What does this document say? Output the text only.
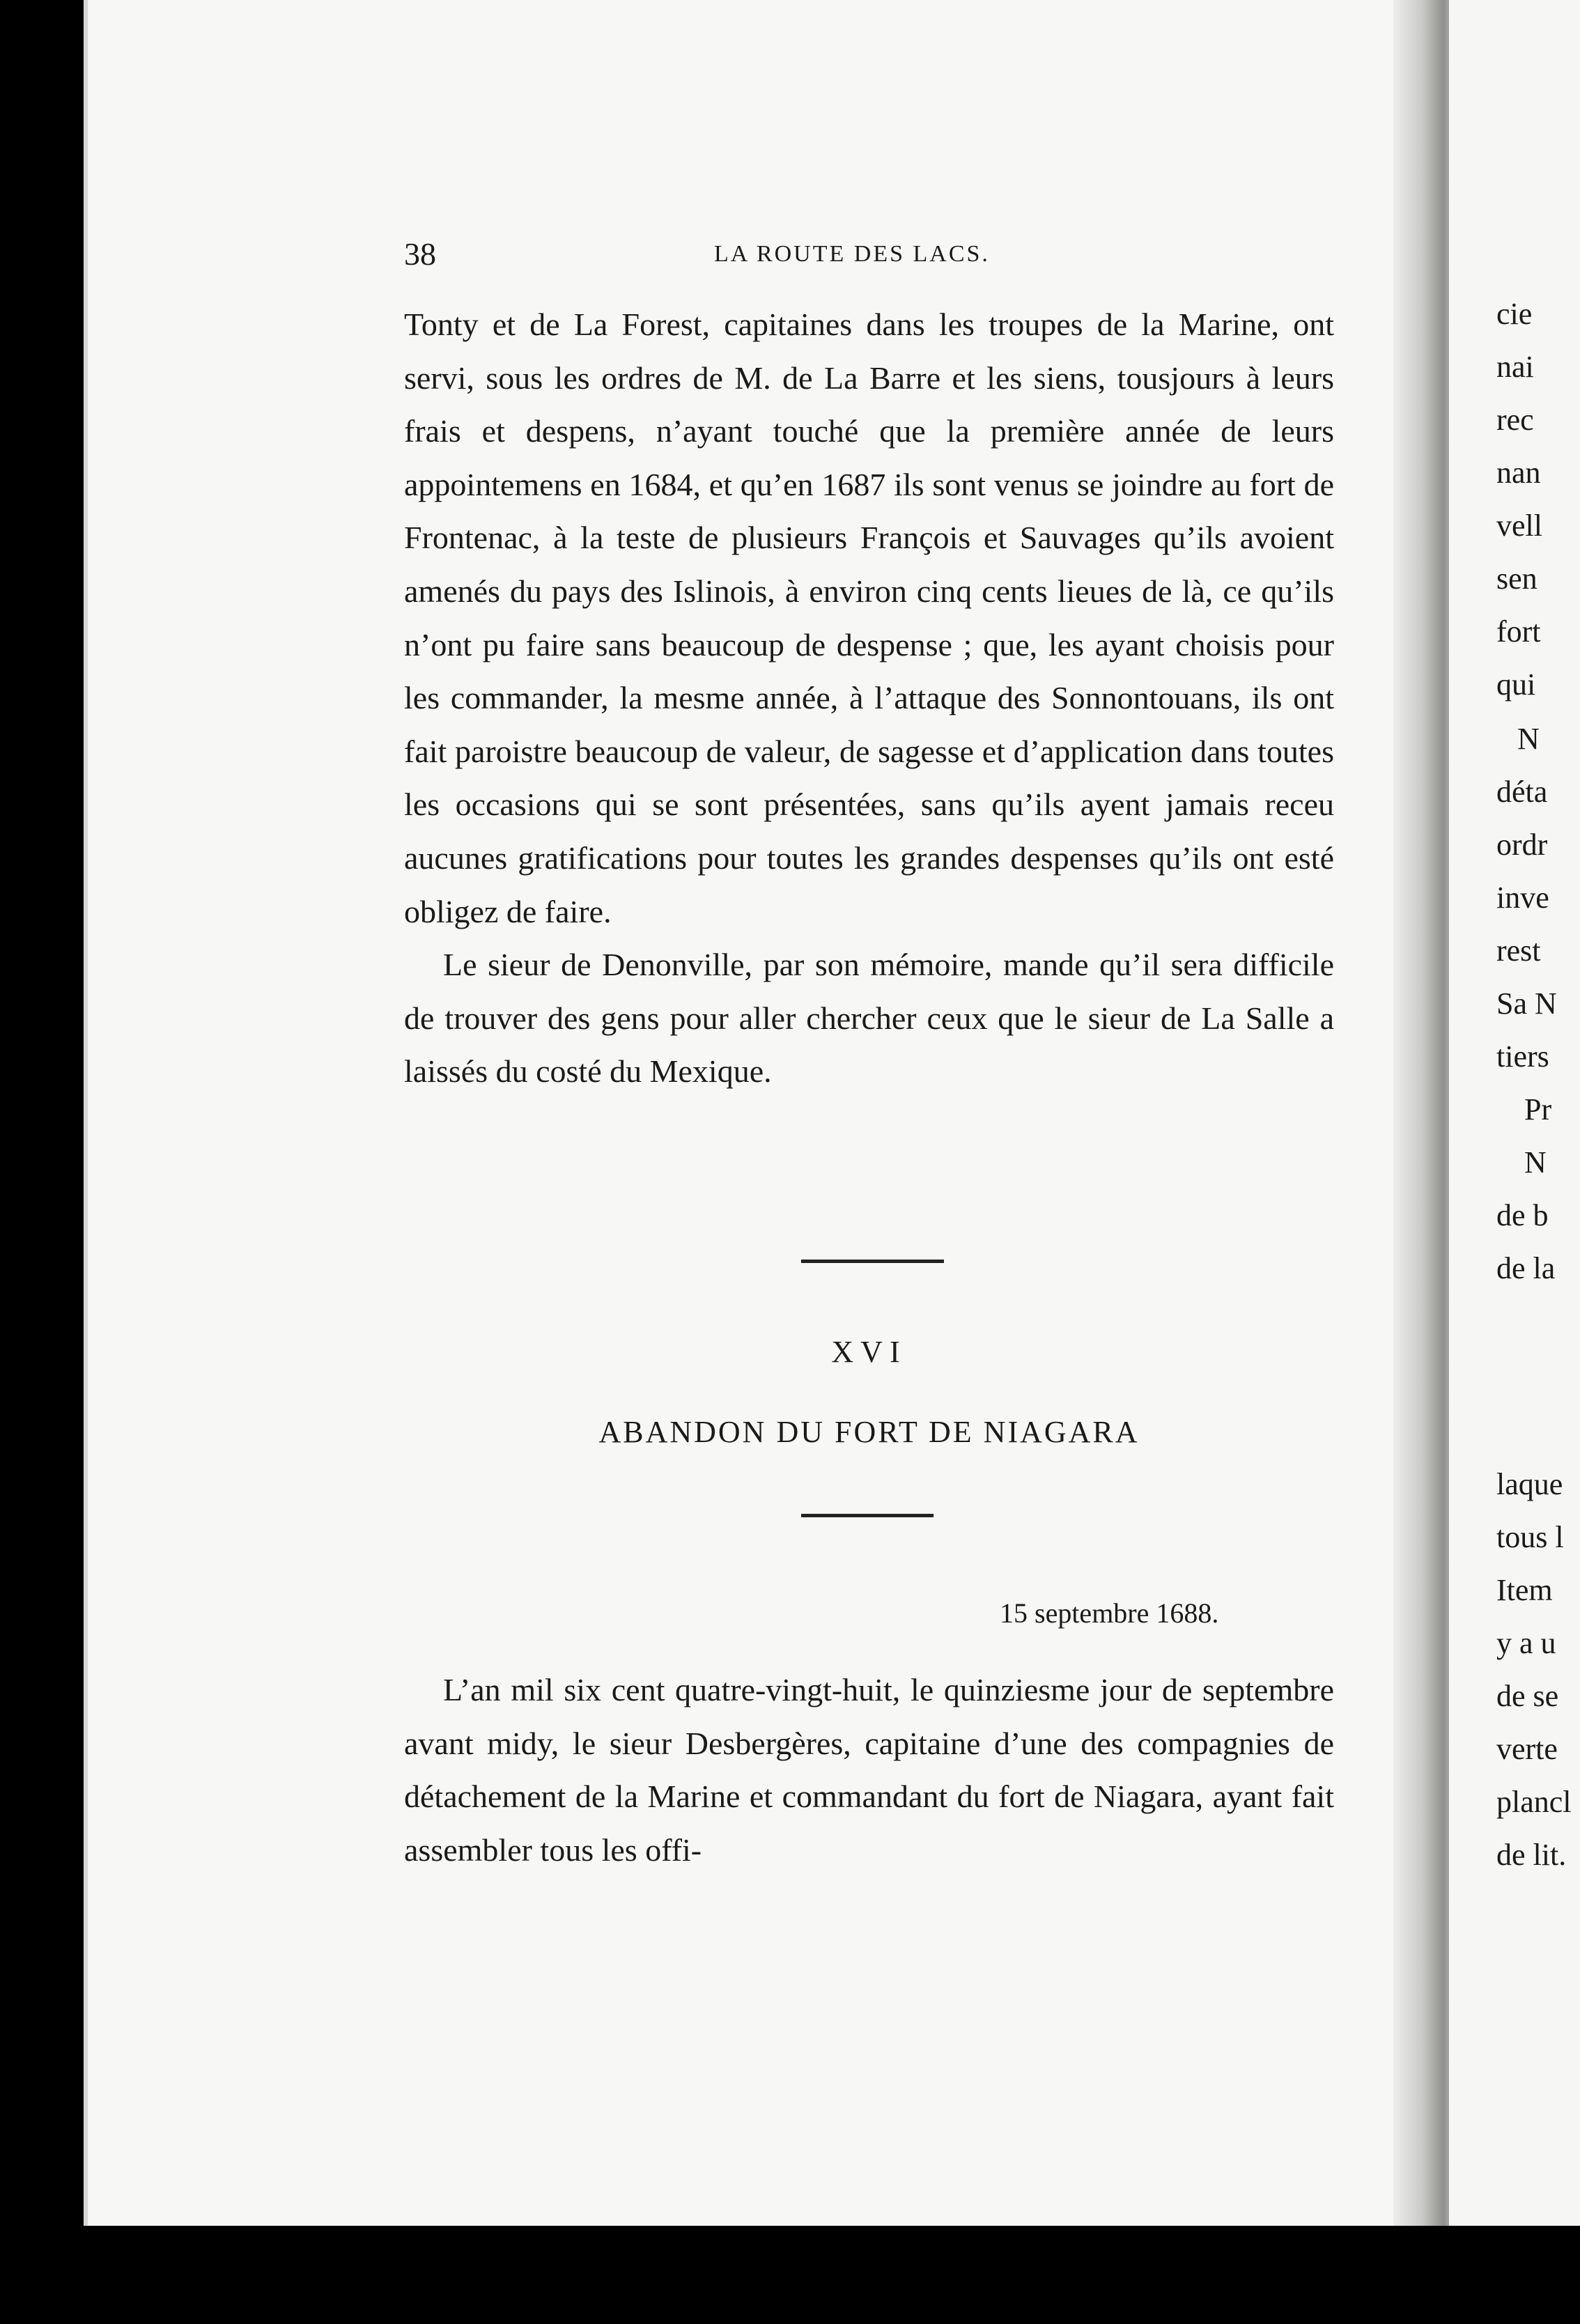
38	LA ROUTE DES LACS.

Tonty et de La Forest, capitaines dans les troupes de la Marine, ont servi, sous les ordres de M. de La Barre et les siens, tousjours à leurs frais et despens, n’ayant touché que la première année de leurs appointemens en 1684, et qu’en 1687 ils sont venus se joindre au fort de Frontenac, à la teste de plusieurs François et Sauvages qu’ils avoient amenés du pays des Islinois, à environ cinq cents lieues de là, ce qu’ils n’ont pu faire sans beaucoup de despense ; que, les ayant choisis pour les commander, la mesme année, à l’attaque des Sonnontouans, ils ont fait paroistre beaucoup de valeur, de sagesse et d’application dans toutes les occasions qui se sont présentées, sans qu’ils ayent jamais receu aucunes gratifications pour toutes les grandes despenses qu’ils ont esté obligez de faire.

Le sieur de Denonville, par son mémoire, mande qu’il sera difficile de trouver des gens pour aller chercher ceux que le sieur de La Salle a laissés du costé du Mexique.

XVI
ABANDON DU FORT DE NIAGARA
15 septembre 1688.

L’an mil six cent quatre-vingt-huit, le quinziesme jour de septembre avant midy, le sieur Desbergères, capitaine d’une des compagnies de détachement de la Marine et commandant du fort de Niagara, ayant fait assembler tous les offi-

cie
nai
rec
nan
vell
sen
fort
qui
N
déta
ordr
inve
rest
Sa N
tiers
Pr
N
de b
de la
laque
tous l
Item
y a u
de se
verte
plancl
de lit.
